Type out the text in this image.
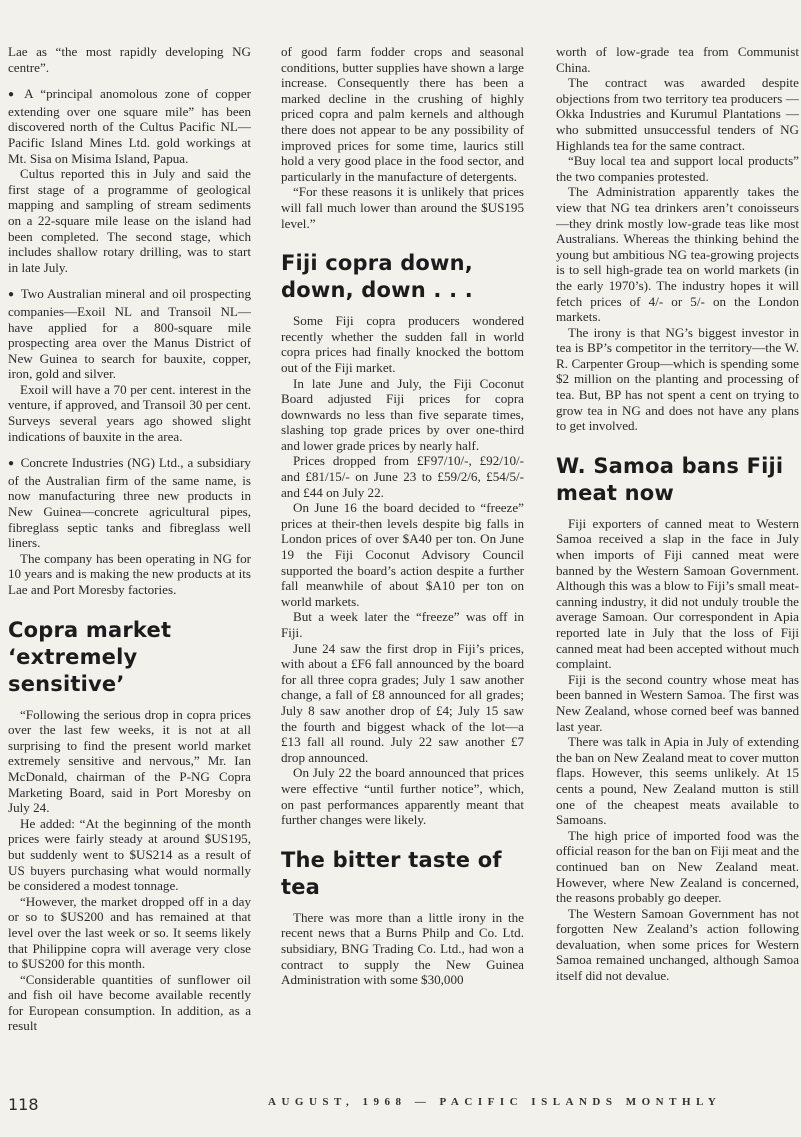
Lae as “the most rapidly developing NG centre”.

● A “principal anomolous zone of copper extending over one square mile” has been discovered north of the Cultus Pacific NL—Pacific Island Mines Ltd. gold workings at Mt. Sisa on Misima Island, Papua.

Cultus reported this in July and said the first stage of a programme of geological mapping and sampling of stream sediments on a 22-square mile lease on the island had been completed. The second stage, which includes shallow rotary drilling, was to start in late July.

● Two Australian mineral and oil prospecting companies—Exoil NL and Transoil NL—have applied for a 800-square mile prospecting area over the Manus District of New Guinea to search for bauxite, copper, iron, gold and silver.

Exoil will have a 70 per cent. interest in the venture, if approved, and Transoil 30 per cent. Surveys several years ago showed slight indications of bauxite in the area.

● Concrete Industries (NG) Ltd., a subsidiary of the Australian firm of the same name, is now manufacturing three new products in New Guinea—concrete agricultural pipes, fibreglass septic tanks and fibreglass well liners.

The company has been operating in NG for 10 years and is making the new products at its Lae and Port Moresby factories.

Copra market ‘extremely sensitive’

“Following the serious drop in copra prices over the last few weeks, it is not at all surprising to find the present world market extremely sensitive and nervous,” Mr. Ian McDonald, chairman of the P-NG Copra Marketing Board, said in Port Moresby on July 24.

He added: “At the beginning of the month prices were fairly steady at around $US195, but suddenly went to $US214 as a result of US buyers purchasing what would normally be considered a modest tonnage.

“However, the market dropped off in a day or so to $US200 and has remained at that level over the last week or so. It seems likely that Philippine copra will average very close to $US200 for this month.

“Considerable quantities of sunflower oil and fish oil have become available recently for European consumption. In addition, as a result

of good farm fodder crops and seasonal conditions, butter supplies have shown a large increase. Consequently there has been a marked decline in the crushing of highly priced copra and palm kernels and although there does not appear to be any possibility of improved prices for some time, laurics still hold a very good place in the food sector, and particularly in the manufacture of detergents.

“For these reasons it is unlikely that prices will fall much lower than around the $US195 level.”

Fiji copra down, down, down . . .

Some Fiji copra producers wondered recently whether the sudden fall in world copra prices had finally knocked the bottom out of the Fiji market.

In late June and July, the Fiji Coconut Board adjusted Fiji prices for copra downwards no less than five separate times, slashing top grade prices by over one-third and lower grade prices by nearly half.

Prices dropped from £F97/10/-, £92/10/- and £81/15/- on June 23 to £59/2/6, £54/5/- and £44 on July 22.

On June 16 the board decided to “freeze” prices at their-then levels despite big falls in London prices of over $A40 per ton. On June 19 the Fiji Coconut Advisory Council supported the board’s action despite a further fall meanwhile of about $A10 per ton on world markets.

But a week later the “freeze” was off in Fiji.

June 24 saw the first drop in Fiji’s prices, with about a £F6 fall announced by the board for all three copra grades; July 1 saw another change, a fall of £8 announced for all grades; July 8 saw another drop of £4; July 15 saw the fourth and biggest whack of the lot—a £13 fall all round. July 22 saw another £7 drop announced.

On July 22 the board announced that prices were effective “until further notice”, which, on past performances apparently meant that further changes were likely.

The bitter taste of tea

There was more than a little irony in the recent news that a Burns Philp and Co. Ltd. subsidiary, BNG Trading Co. Ltd., had won a contract to supply the New Guinea Administration with some $30,000

worth of low-grade tea from Communist China.

The contract was awarded despite objections from two territory tea producers — Okka Industries and Kurumul Plantations — who submitted unsuccessful tenders of NG Highlands tea for the same contract.

“Buy local tea and support local products” the two companies protested.

The Administration apparently takes the view that NG tea drinkers aren’t conoisseurs—they drink mostly low-grade teas like most Australians. Whereas the thinking behind the young but ambitious NG tea-growing projects is to sell high-grade tea on world markets (in the early 1970’s). The industry hopes it will fetch prices of 4/- or 5/- on the London markets.

The irony is that NG’s biggest investor in tea is BP’s competitor in the territory—the W. R. Carpenter Group—which is spending some $2 million on the planting and processing of tea. But, BP has not spent a cent on trying to grow tea in NG and does not have any plans to get involved.

W. Samoa bans Fiji meat now

Fiji exporters of canned meat to Western Samoa received a slap in the face in July when imports of Fiji canned meat were banned by the Western Samoan Government. Although this was a blow to Fiji’s small meat-canning industry, it did not unduly trouble the average Samoan. Our correspondent in Apia reported late in July that the loss of Fiji canned meat had been accepted without much complaint.

Fiji is the second country whose meat has been banned in Western Samoa. The first was New Zealand, whose corned beef was banned last year.

There was talk in Apia in July of extending the ban on New Zealand meat to cover mutton flaps. However, this seems unlikely. At 15 cents a pound, New Zealand mutton is still one of the cheapest meats available to Samoans.

The high price of imported food was the official reason for the ban on Fiji meat and the continued ban on New Zealand meat. However, where New Zealand is concerned, the reasons probably go deeper.

The Western Samoan Government has not forgotten New Zealand’s action following devaluation, when some prices for Western Samoa remained unchanged, although Samoa itself did not devalue.

118	AUGUST, 1968 — PACIFIC ISLANDS MONTHLY
